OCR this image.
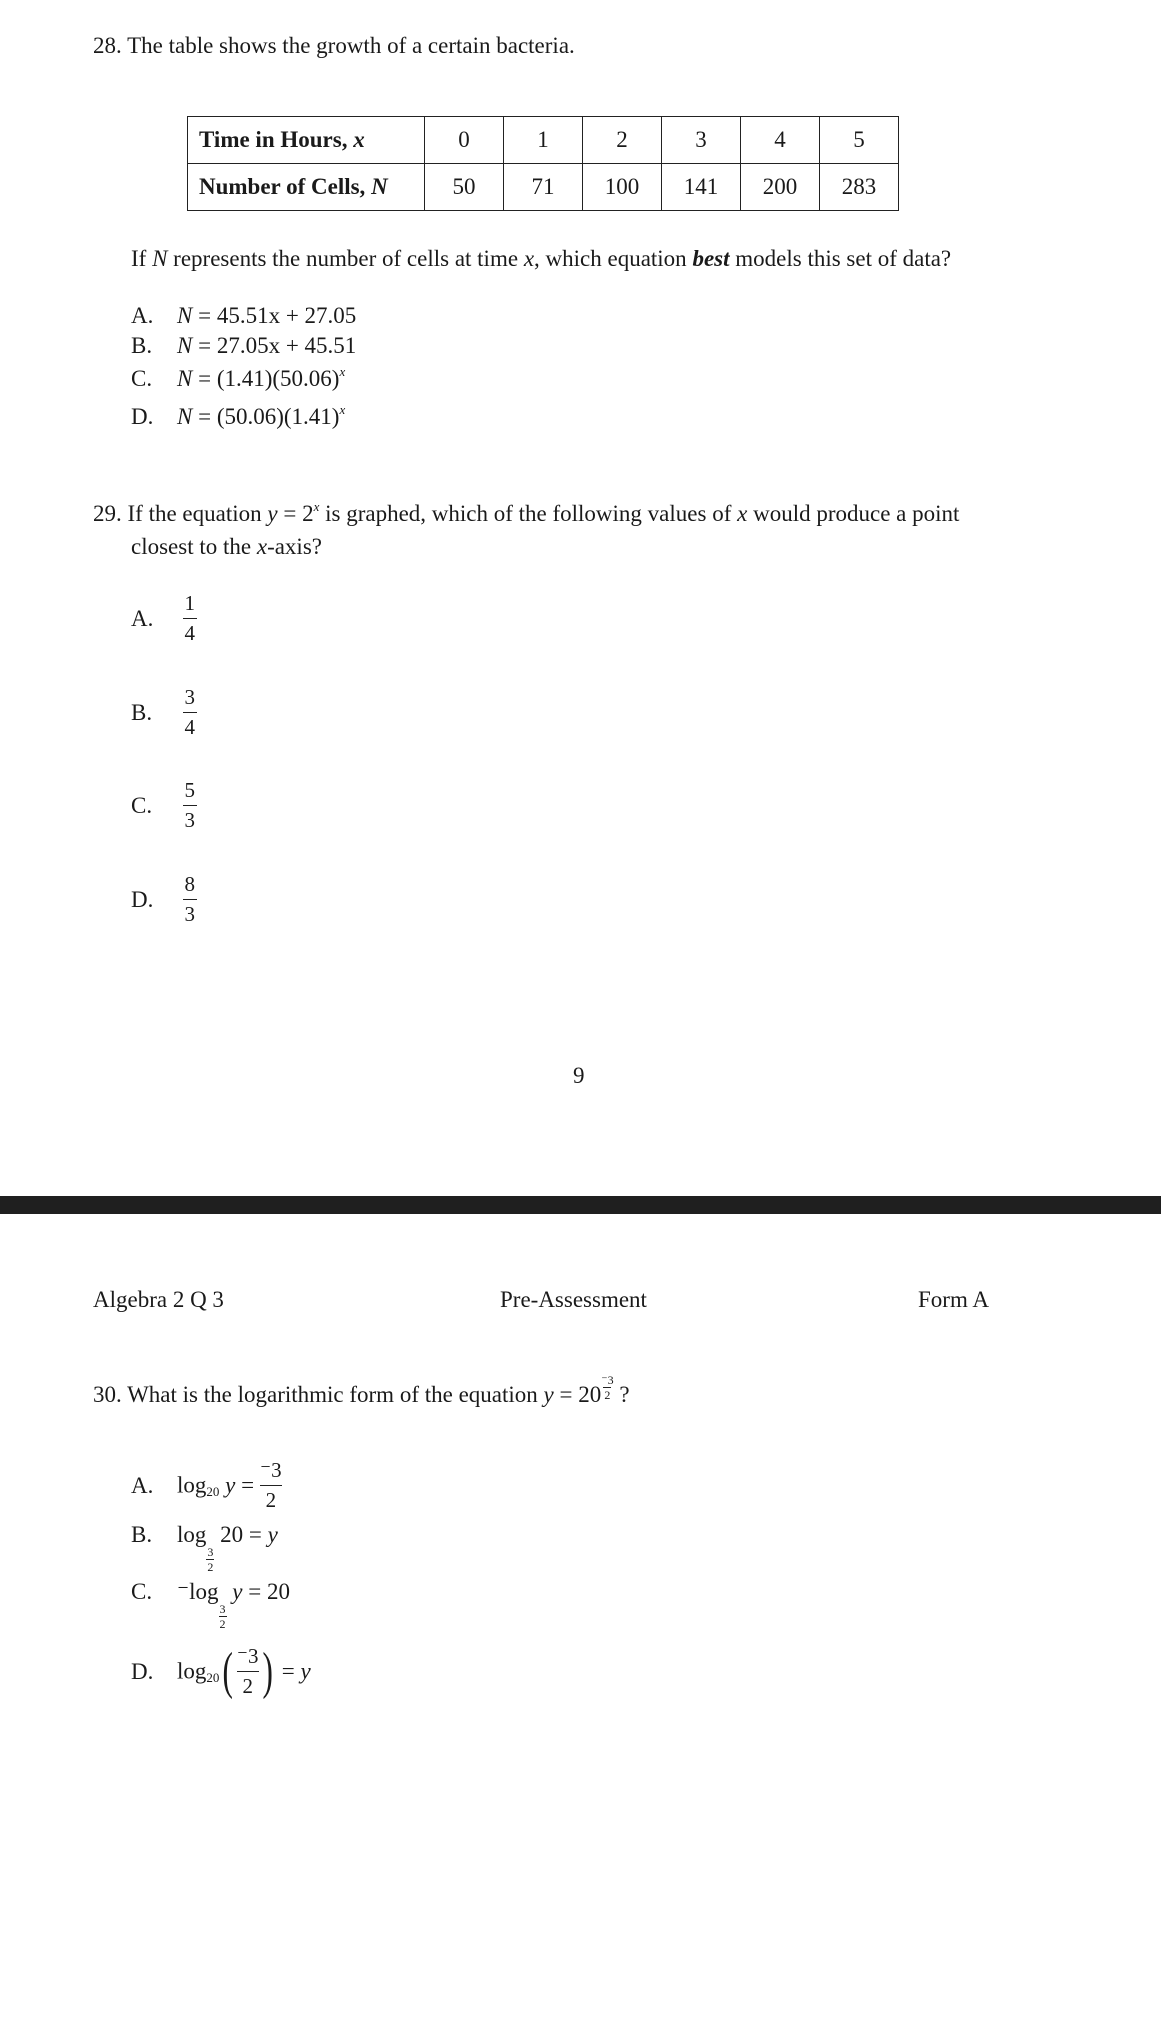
28. The table shows the growth of a certain bacteria.
Time in Hours, x	0	1	2	3	4	5
Number of Cells, N	50	71	100	141	200	283
If N represents the number of cells at time x, which equation best models this set of data?
A. N = 45.51x + 27.05
B. N = 27.05x + 45.51
C. $N = (1.41)(50.06)^x$
D. $N = (50.06)(1.41)^x$
29. If the equation $y = 2^x$ is graphed, which of the following values of x would produce a point
closest to the x-axis?
A. $\frac{1}{4}$
B. $\frac{3}{4}$
C. $\frac{5}{3}$
D. $\frac{8}{3}$
9
Algebra 2 Q 3	Pre-Assessment	Form A
30. What is the logarithmic form of the equation $y = 20 \frac{^-3}{2}$ ?
A. $\log_{20} y = \frac{^-3}{2}$
B. log
$\frac{3}{2}$
20 = y
C. ⁻log
$\frac{3}{2}$
y = 20
D. $\log_{20}( \frac{^-3}{2}$ ) = y
